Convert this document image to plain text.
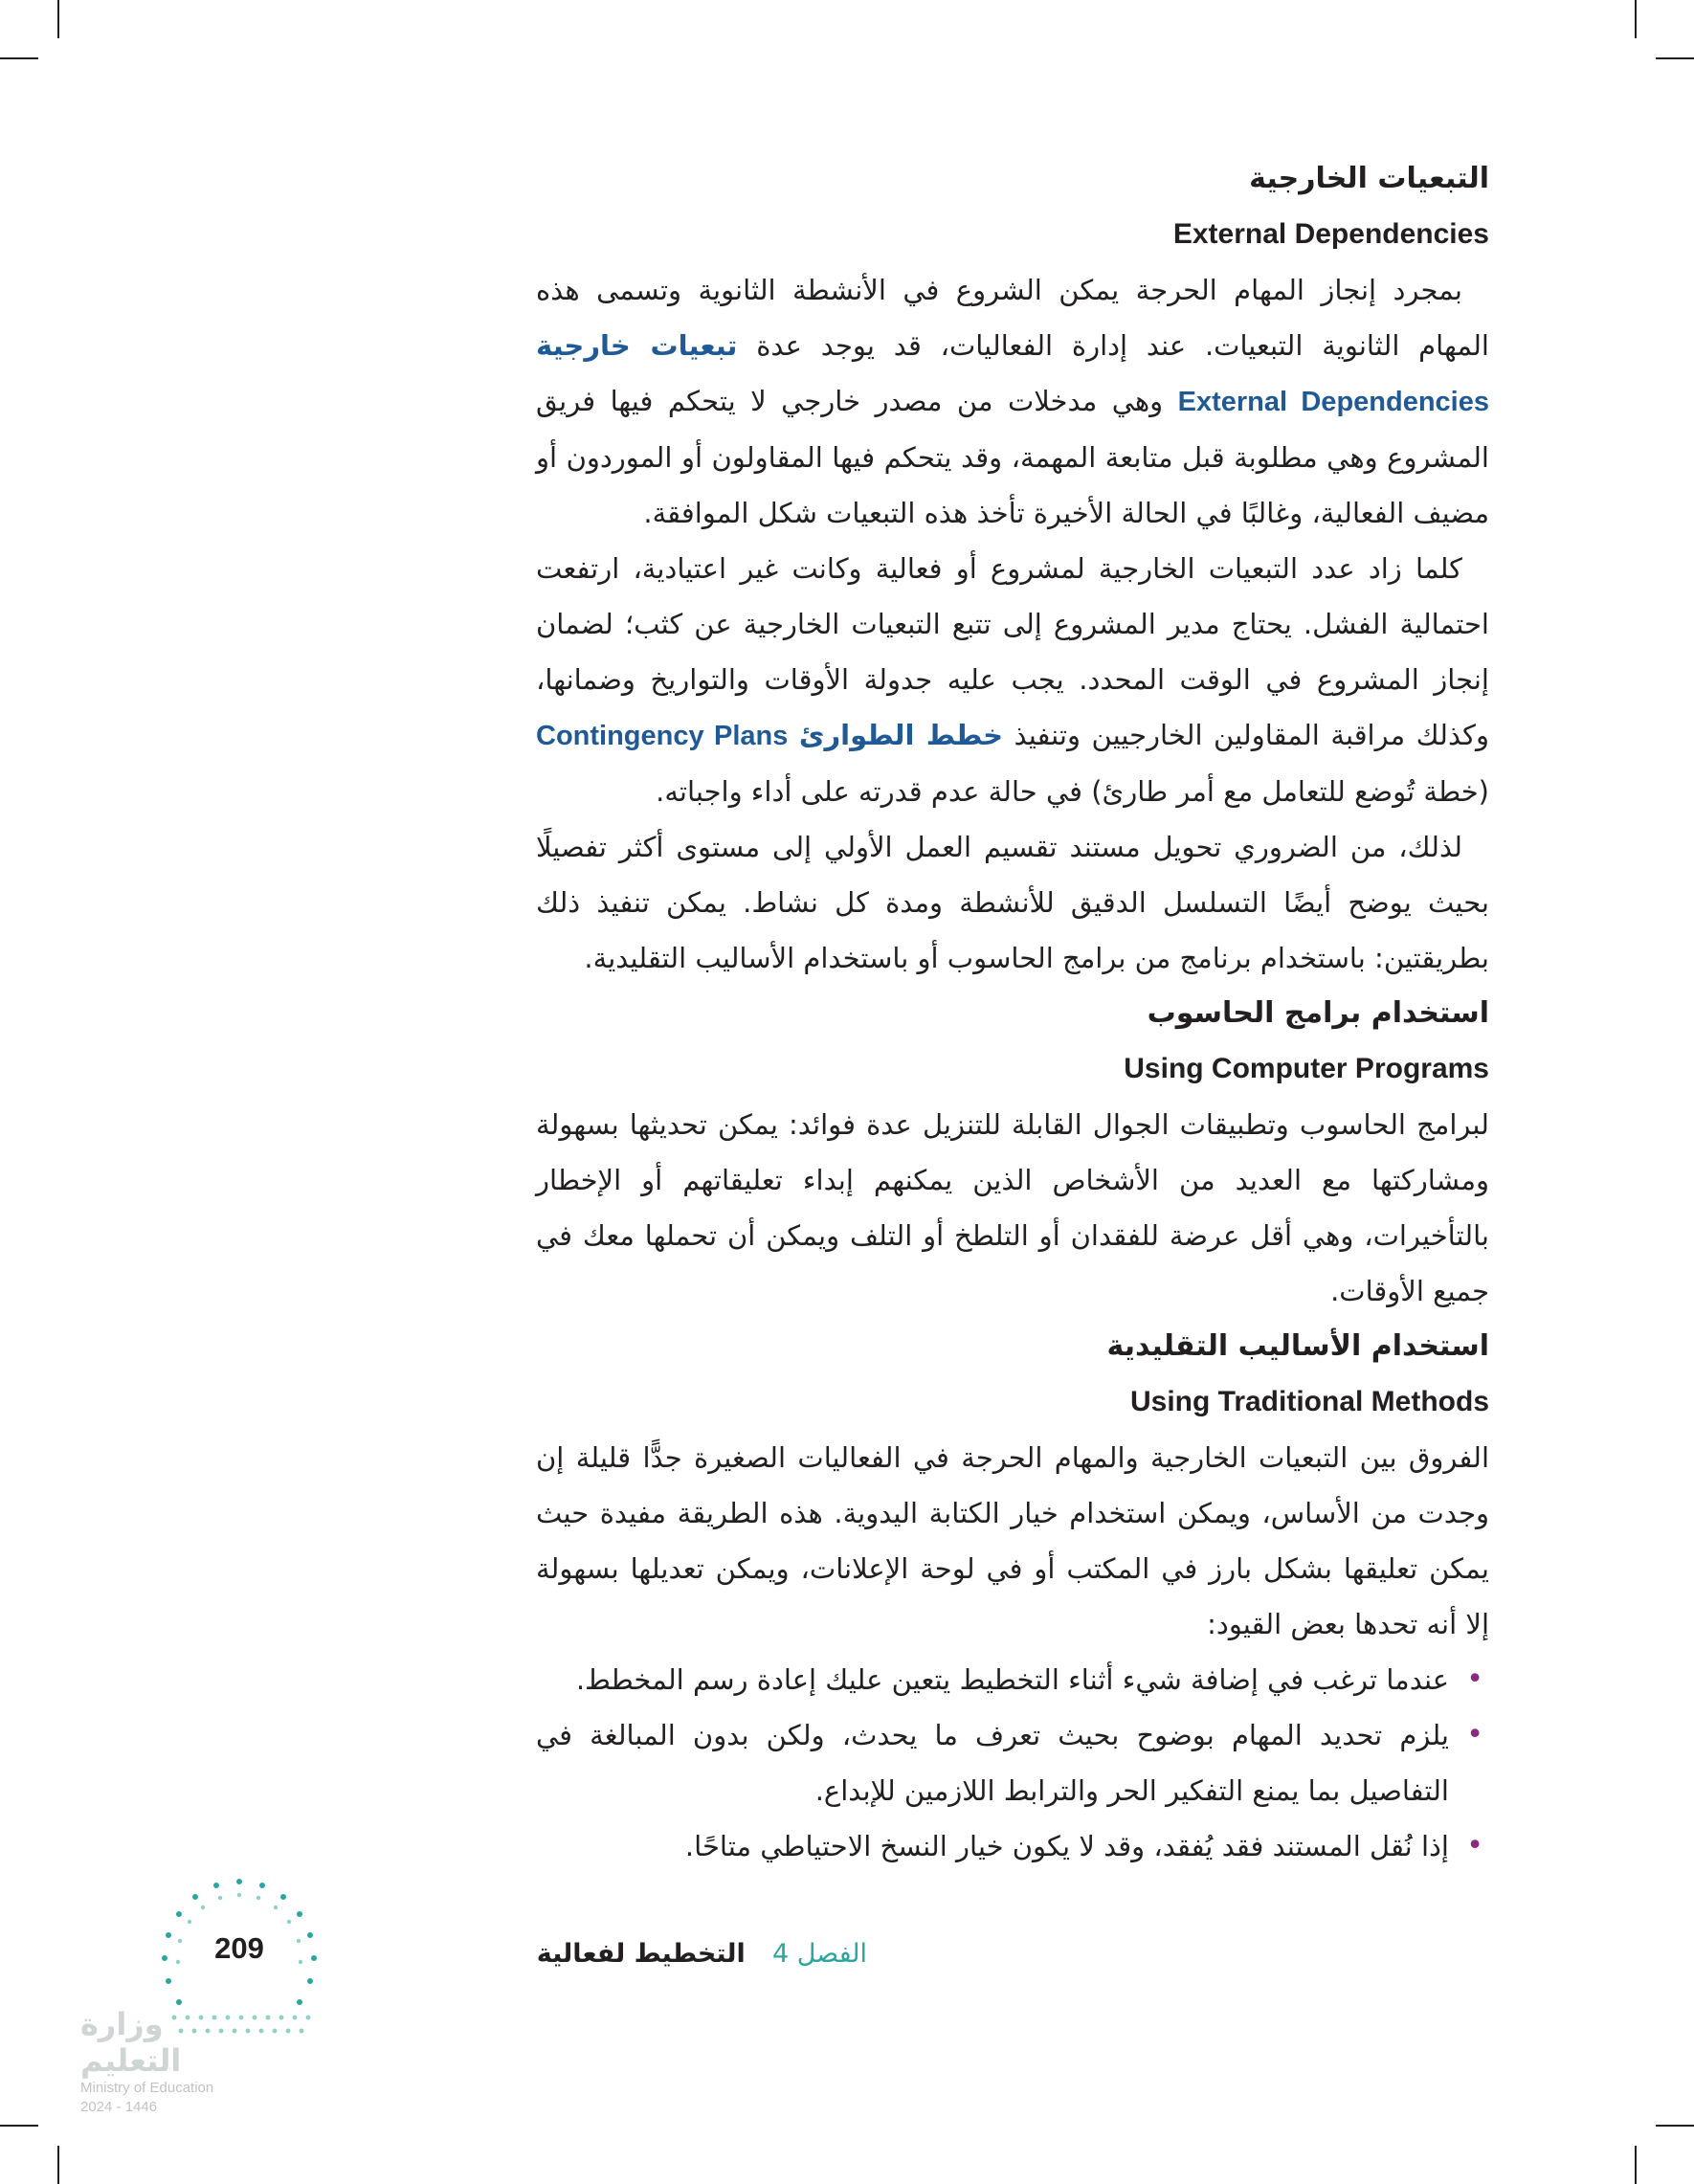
التبعيات الخارجية
External Dependencies

بمجرد إنجاز المهام الحرجة يمكن الشروع في الأنشطة الثانوية وتسمى هذه المهام الثانوية التبعيات. عند إدارة الفعاليات، قد يوجد عدة تبعيات خارجية External Dependencies وهي مدخلات من مصدر خارجي لا يتحكم فيها فريق المشروع وهي مطلوبة قبل متابعة المهمة، وقد يتحكم فيها المقاولون أو الموردون أو مضيف الفعالية، وغالبًا في الحالة الأخيرة تأخذ هذه التبعيات شكل الموافقة.

كلما زاد عدد التبعيات الخارجية لمشروع أو فعالية وكانت غير اعتيادية، ارتفعت احتمالية الفشل. يحتاج مدير المشروع إلى تتبع التبعيات الخارجية عن كثب؛ لضمان إنجاز المشروع في الوقت المحدد. يجب عليه جدولة الأوقات والتواريخ وضمانها، وكذلك مراقبة المقاولين الخارجيين وتنفيذ خطط الطوارئ Contingency Plans (خطة تُوضع للتعامل مع أمر طارئ) في حالة عدم قدرته على أداء واجباته.

لذلك، من الضروري تحويل مستند تقسيم العمل الأولي إلى مستوى أكثر تفصيلًا بحيث يوضح أيضًا التسلسل الدقيق للأنشطة ومدة كل نشاط. يمكن تنفيذ ذلك بطريقتين: باستخدام برنامج من برامج الحاسوب أو باستخدام الأساليب التقليدية.

استخدام برامج الحاسوب
Using Computer Programs

لبرامج الحاسوب وتطبيقات الجوال القابلة للتنزيل عدة فوائد: يمكن تحديثها بسهولة ومشاركتها مع العديد من الأشخاص الذين يمكنهم إبداء تعليقاتهم أو الإخطار بالتأخيرات، وهي أقل عرضة للفقدان أو التلطخ أو التلف ويمكن أن تحملها معك في جميع الأوقات.

استخدام الأساليب التقليدية
Using Traditional Methods

الفروق بين التبعيات الخارجية والمهام الحرجة في الفعاليات الصغيرة جدًّا قليلة إن وجدت من الأساس، ويمكن استخدام خيار الكتابة اليدوية. هذه الطريقة مفيدة حيث يمكن تعليقها بشكل بارز في المكتب أو في لوحة الإعلانات، ويمكن تعديلها بسهولة إلا أنه تحدها بعض القيود:

• عندما ترغب في إضافة شيء أثناء التخطيط يتعين عليك إعادة رسم المخطط.
• يلزم تحديد المهام بوضوح بحيث تعرف ما يحدث، ولكن بدون المبالغة في التفاصيل بما يمنع التفكير الحر والترابط اللازمين للإبداع.
• إذا نُقل المستند فقد يُفقد، وقد لا يكون خيار النسخ الاحتياطي متاحًا.
الفصل 4   التخطيط لفعالية
209
وزارة التعليم
Ministry of Education
2024 - 1446
